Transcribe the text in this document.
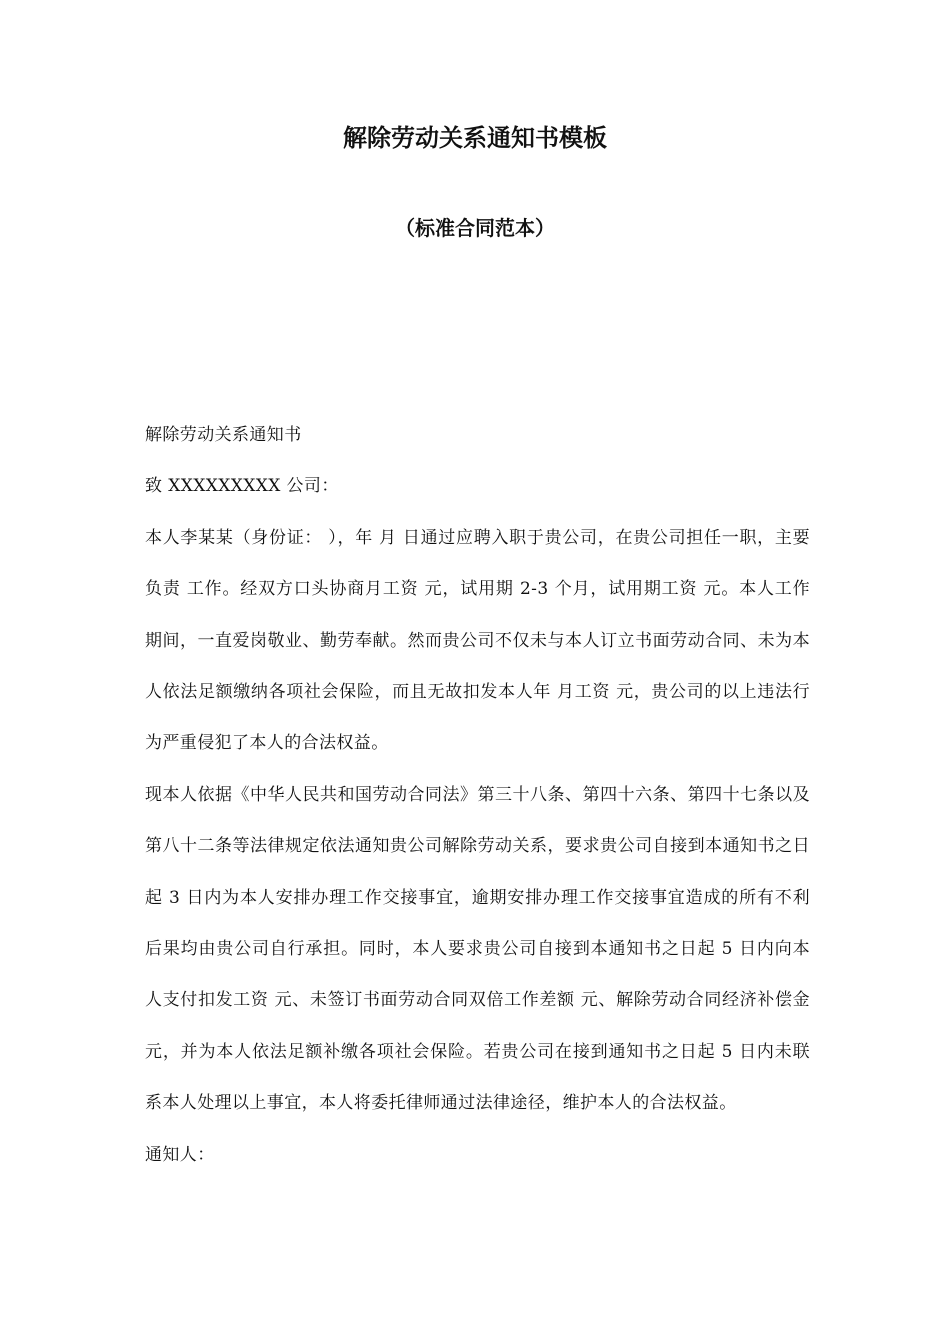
解除劳动关系通知书模板
（标准合同范本）

解除劳动关系通知书

致 XXXXXXXXX 公司：

本人李某某（身份证： ），年 月 日通过应聘入职于贵公司，在贵公司担任一职，主要负责 工作。经双方口头协商月工资 元，试用期 2-3 个月，试用期工资 元。本人工作期间，一直爱岗敬业、勤劳奉献。然而贵公司不仅未与本人订立书面劳动合同、未为本人依法足额缴纳各项社会保险，而且无故扣发本人年 月工资 元，贵公司的以上违法行为严重侵犯了本人的合法权益。

现本人依据《中华人民共和国劳动合同法》第三十八条、第四十六条、第四十七条以及第八十二条等法律规定依法通知贵公司解除劳动关系，要求贵公司自接到本通知书之日起 3 日内为本人安排办理工作交接事宜，逾期安排办理工作交接事宜造成的所有不利后果均由贵公司自行承担。同时，本人要求贵公司自接到本通知书之日起 5 日内向本人支付扣发工资 元、未签订书面劳动合同双倍工作差额 元、解除劳动合同经济补偿金 元，并为本人依法足额补缴各项社会保险。若贵公司在接到通知书之日起 5 日内未联系本人处理以上事宜，本人将委托律师通过法律途径，维护本人的合法权益。

通知人：
